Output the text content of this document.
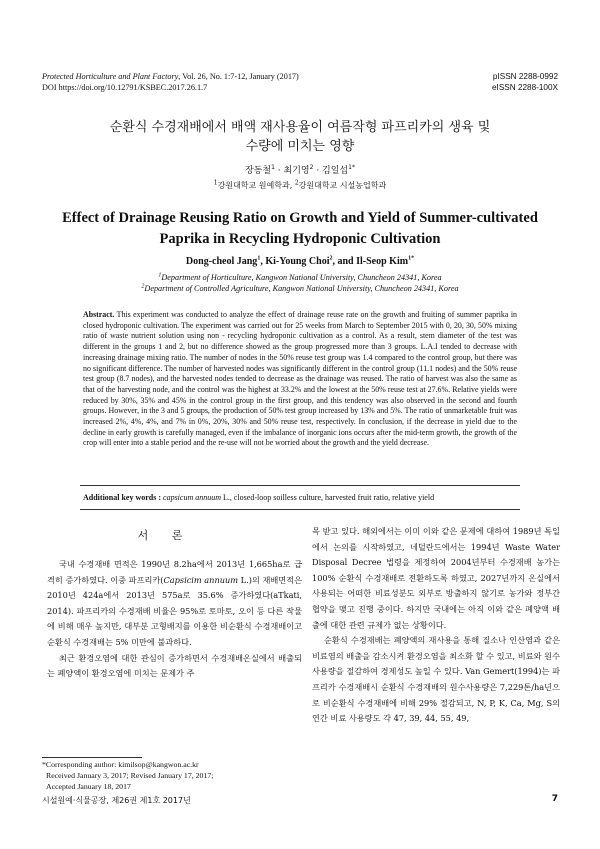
Protected Horticulture and Plant Factory, Vol. 26, No. 1:7-12, January (2017)
DOI https://doi.org/10.12791/KSBEC.2017.26.1.7
pISSN 2288-0992
eISSN 2288-100X
순환식 수경재배에서 배액 재사용율이 여름작형 파프리카의 생육 및
수량에 미치는 영향
장동철$^1$ · 최기영$^2$ · 김일섭$^{1*}$
$^1$강원대학교 원예학과, $^2$강원대학교 시설농업학과
Effect of Drainage Reusing Ratio on Growth and Yield of Summer-cultivated
Paprika in Recycling Hydroponic Cultivation
Dong-cheol Jang$^1$, Ki-Young Choi$^2$, and Il-Seop Kim$^{1*}$
$^1$Department of Horticulture, Kangwon National University, Chuncheon 24341, Korea
$^2$Department of Controlled Agriculture, Kangwon National University, Chuncheon 24341, Korea
Abstract. This experiment was conducted to analyze the effect of drainage reuse rate on the growth and fruiting of summer paprika in closed hydroponic cultivation. The experiment was carried out for 25 weeks from March to September 2015 with 0, 20, 30, 50% mixing ratio of waste nutrient solution using non - recycling hydroponic cultivation as a control. As a result, stem diameter of the test was different in the groups 1 and 2, but no difference showed as the group progressed more than 3 groups. L.A.I tended to decrease with increasing drainage mixing ratio. The number of nodes in the 50% reuse test group was 1.4 compared to the control group, but there was no significant difference. The number of harvested nodes was significantly different in the control group (11.1 nodes) and the 50% reuse test group (8.7 nodes), and the harvested nodes tended to decrease as the drainage was reused. The ratio of harvest was also the same as that of the harvesting node, and the control was the highest at 33.2% and the lowest at the 50% reuse test at 27.6%. Relative yields were reduced by 30%, 35% and 45% in the control group in the first group, and this tendency was also observed in the second and fourth groups. However, in the 3 and 5 groups, the production of 50% test group increased by 13% and 5%. The ratio of unmarketable fruit was increased 2%, 4%, 4%, and 7% in 0%, 20%, 30% and 50% reuse test, respectively. In conclusion, if the decrease in yield due to the decline in early growth is carefully managed, even if the imbalance of inorganic ions occurs after the mid-term growth, the growth of the crop will enter into a stable period and the re-use will not be worried about the growth and the yield decrease.
Additional key words : capsicum annuum L., closed-loop soilless culture, harvested fruit ratio, relative yield
서 론

국내 수경재배 면적은 1990년 8.2ha에서 2013년 1,665ha로 급격히 증가하였다. 이중 파프리카(Capsicim annuum L.)의 재배면적은 2010년 424a에서 2013년 575a로 35.6% 증가하였다(aTkati, 2014). 파프리카의 수경재배 비율은 95%로 토마토, 오이 등 다른 작물에 비해 매우 높지만, 대부분 고형배지를 이용한 비순환식 수경재배이고 순환식 수경재배는 5% 미만에 불과하다.

최근 환경오염에 대한 관심이 증가하면서 수경재배온실에서 배출되는 폐양액이 환경오염에 미치는 문제가 주

목 받고 있다. 해외에서는 이미 이와 같은 문제에 대하여 1989년 독일에서 논의를 시작하였고, 네덜란드에서는 1994년 Waste Water Disposal Decree 법령을 제정하여 2004년부터 수경재배 농가는 100% 순환식 수경재배로 전환하도록 하였고, 2027년까지 온실에서 사용되는 어떠한 비료성분도 외부로 방출하지 않기로 농가와 정부간 협약을 맺고 진행 중이다. 하지만 국내에는 아직 이와 같은 폐양액 배출에 대한 관련 규제가 없는 상황이다.

순환식 수경재배는 폐양액의 재사용을 통해 질소나 인산염과 같은 비료염의 배출을 감소시켜 환경오염을 최소화 할 수 있고, 비료와 원수 사용량을 절감하여 경제성도 높일 수 있다. Van Gemert(1994)는 파프리카 수경재배시 순환식 수경재배의 원수사용량은 7,229톤/ha년으로 비순환식 수경재배에 비해 29% 절감되고, N, P, K, Ca, Mg, S의 연간 비료 사용량도 각 47, 39, 44, 55, 49,

*Corresponding author: kimilsop@kangwon.ac.kr
Received January 3, 2017; Revised January 17, 2017;
Accepted January 18, 2017
시설원예·식물공장, 제26권 제1호 2017년	7
